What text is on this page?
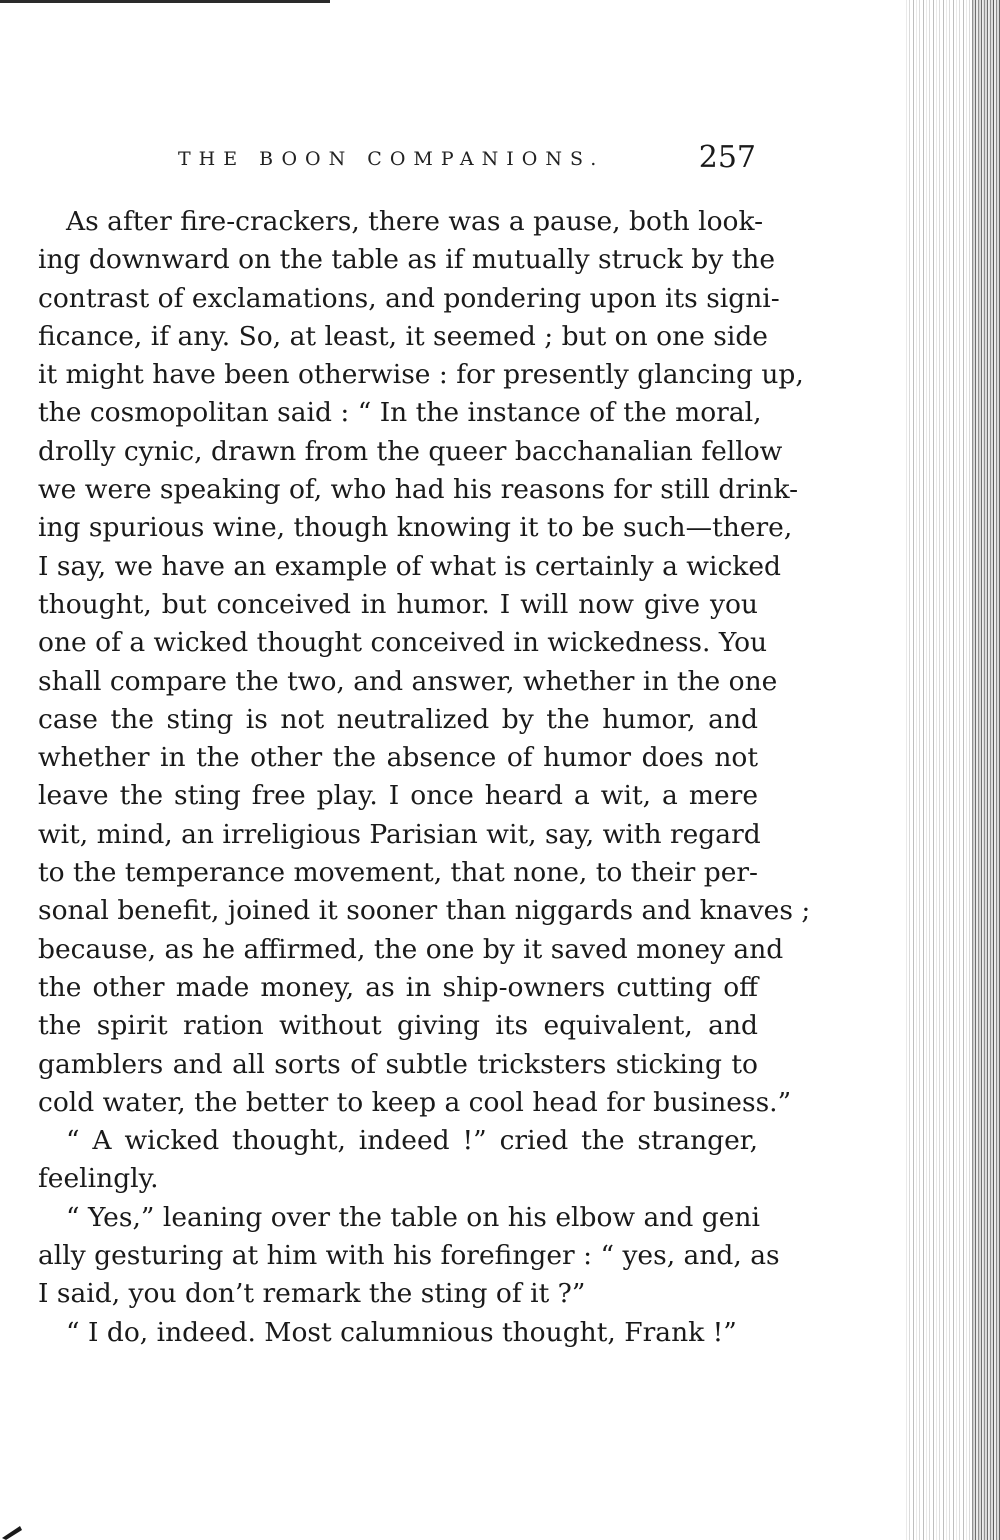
THE BOON COMPANIONS.	257
As after fire-crackers, there was a pause, both look-
ing downward on the table as if mutually struck by the
contrast of exclamations, and pondering upon its signi-
ficance, if any. So, at least, it seemed ; but on one side
it might have been otherwise : for presently glancing up,
the cosmopolitan said : “ In the instance of the moral,
drolly cynic, drawn from the queer bacchanalian fellow
we were speaking of, who had his reasons for still drink-
ing spurious wine, though knowing it to be such—there,
I say, we have an example of what is certainly a wicked
thought, but conceived in humor. I will now give you
one of a wicked thought conceived in wickedness. You
shall compare the two, and answer, whether in the one
case the sting is not neutralized by the humor, and
whether in the other the absence of humor does not
leave the sting free play. I once heard a wit, a mere
wit, mind, an irreligious Parisian wit, say, with regard
to the temperance movement, that none, to their per-
sonal benefit, joined it sooner than niggards and knaves ;
because, as he affirmed, the one by it saved money and
the other made money, as in ship-owners cutting off
the spirit ration without giving its equivalent, and
gamblers and all sorts of subtle tricksters sticking to
cold water, the better to keep a cool head for business.”
“ A wicked thought, indeed !” cried the stranger,
feelingly.
“ Yes,” leaning over the table on his elbow and geni
ally gesturing at him with his forefinger : “ yes, and, as
I said, you don’t remark the sting of it ?”
“ I do, indeed. Most calumnious thought, Frank !”
